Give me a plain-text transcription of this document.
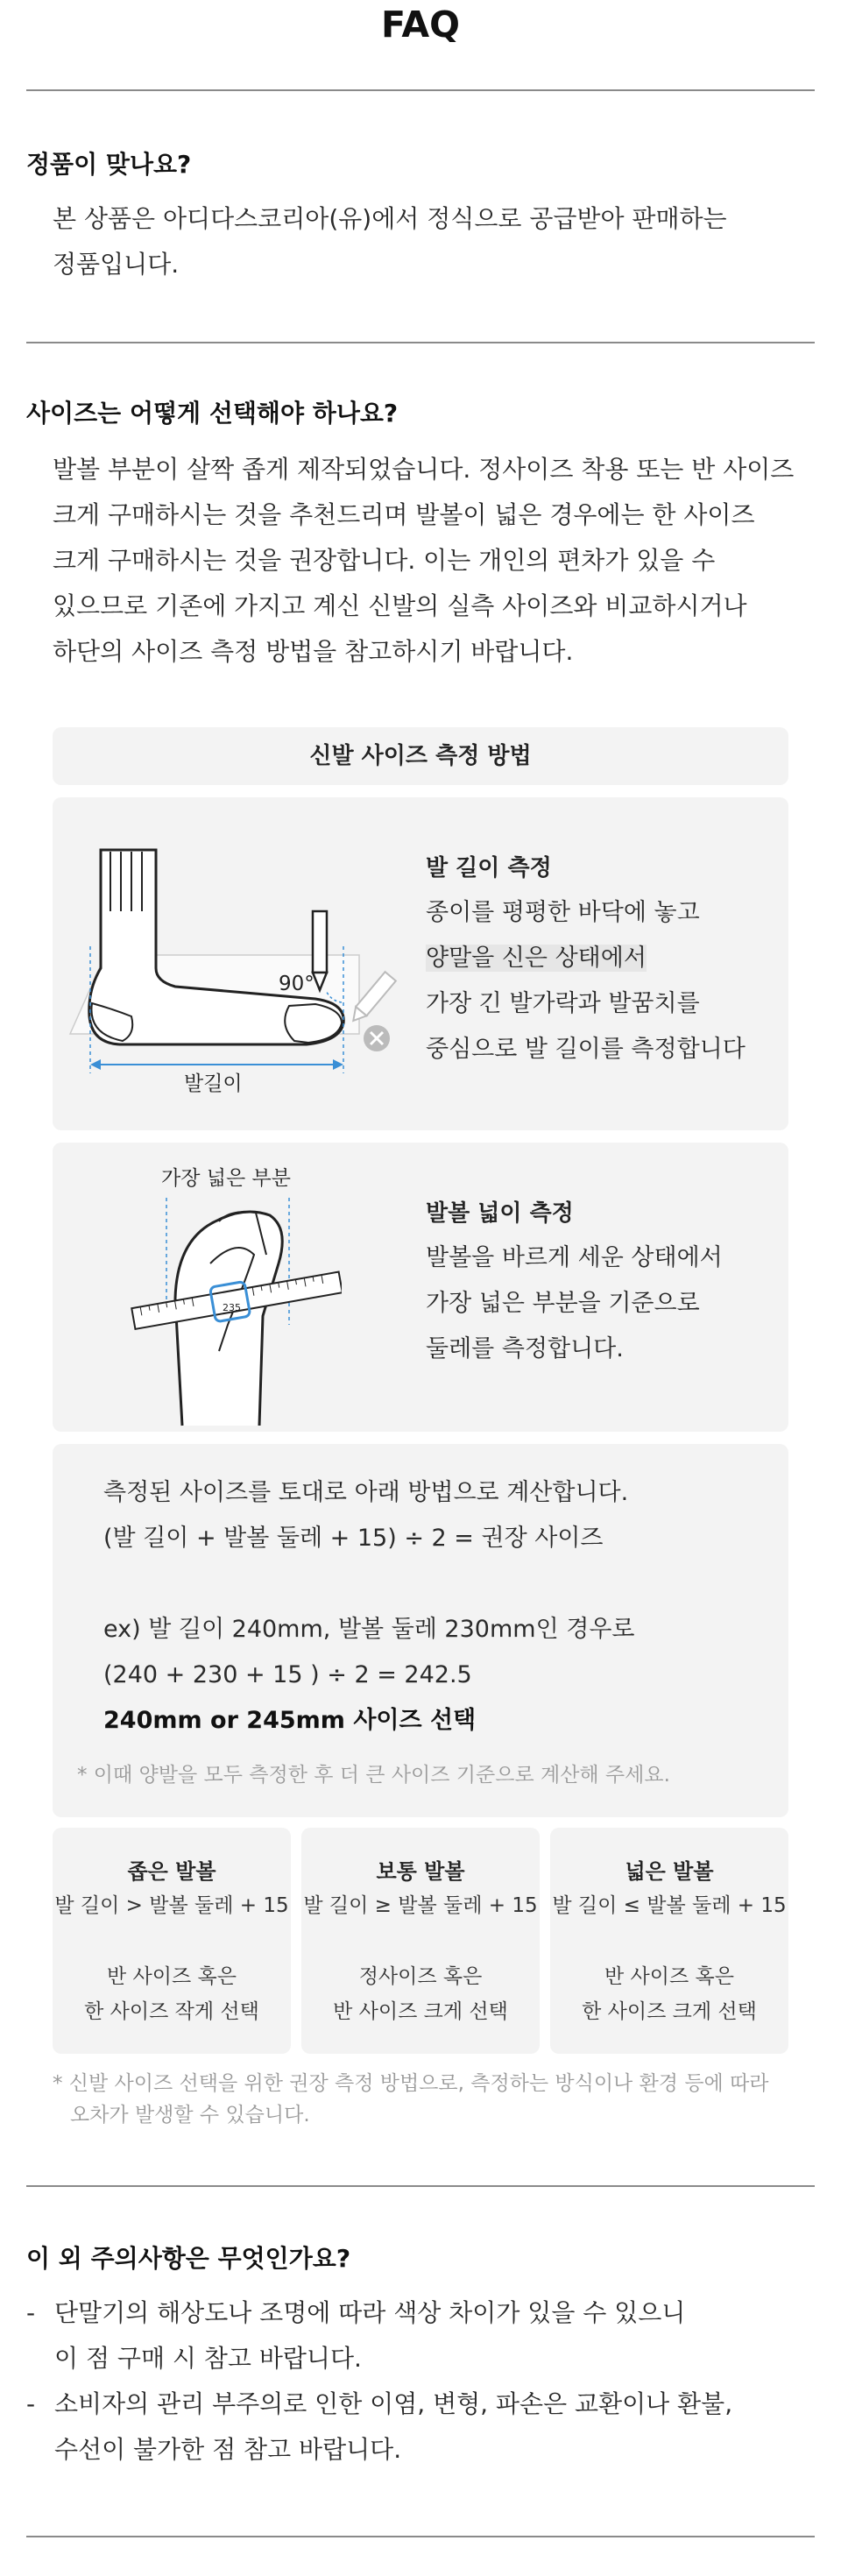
FAQ
정품이 맞나요?

본 상품은 아디다스코리아(유)에서 정식으로 공급받아 판매하는

정품입니다.

사이즈는 어떻게 선택해야 하나요?

발볼 부분이 살짝 좁게 제작되었습니다. 정사이즈 착용 또는 반 사이즈

크게 구매하시는 것을 추천드리며 발볼이 넓은 경우에는 한 사이즈

크게 구매하시는 것을 권장합니다. 이는 개인의 편차가 있을 수

있으므로 기존에 가지고 계신 신발의 실측 사이즈와 비교하시거나

하단의 사이즈 측정 방법을 참고하시기 바랍니다.

신발 사이즈 측정 방법
90°
발길이
발 길이 측정
종이를 평평한 바닥에 놓고
양말을 신은 상태에서
가장 긴 발가락과 발꿈치를
중심으로 발 길이를 측정합니다
가장 넓은 부분
235
발볼 넓이 측정
발볼을 바르게 세운 상태에서
가장 넓은 부분을 기준으로
둘레를 측정합니다.

측정된 사이즈를 토대로 아래 방법으로 계산합니다.

(발 길이 + 발볼 둘레 + 15) ÷ 2 = 권장 사이즈

ex) 발 길이 240mm, 발볼 둘레 230mm인 경우로

(240 + 230 + 15 ) ÷ 2 = 242.5

240mm or 245mm 사이즈 선택

* 이때 양발을 모두 측정한 후 더 큰 사이즈 기준으로 계산해 주세요.
좁은 발볼
발 길이 > 발볼 둘레 + 15

반 사이즈 혹은

한 사이즈 작게 선택

보통 발볼
발 길이 ≥ 발볼 둘레 + 15

정사이즈 혹은

반 사이즈 크게 선택

넓은 발볼
발 길이 ≤ 발볼 둘레 + 15

반 사이즈 혹은

한 사이즈 크게 선택

* 신발 사이즈 선택을 위한 권장 측정 방법으로, 측정하는 방식이나 환경 등에 따라
오차가 발생할 수 있습니다.
이 외 주의사항은 무엇인가요?
- 단말기의 해상도나 조명에 따라 색상 차이가 있을 수 있으니

이 점 구매 시 참고 바랍니다.

- 소비자의 관리 부주의로 인한 이염, 변형, 파손은 교환이나 환불,

수선이 불가한 점 참고 바랍니다.
